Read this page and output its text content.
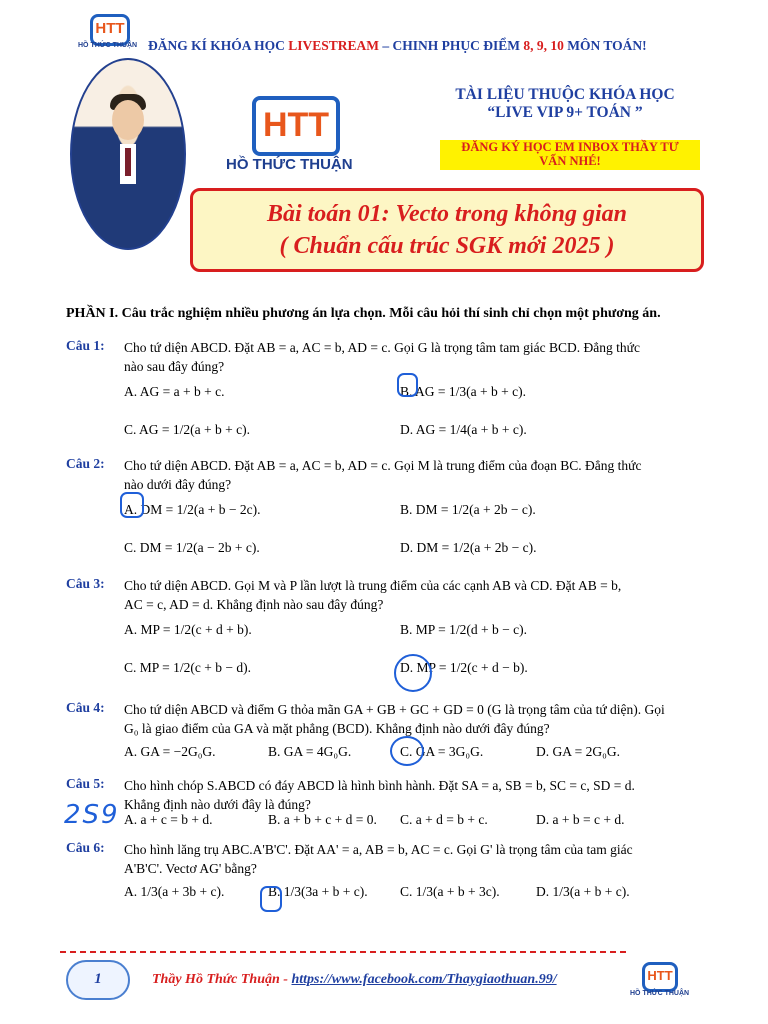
HTT
HỒ THỨC THUẬN ĐĂNG KÍ KHÓA HỌC LIVESTREAM – CHINH PHỤC ĐIỂM 8, 9, 10 MÔN TOÁN!
HTT
HỒ THỨC THUẬN
TÀI LIỆU THUỘC KHÓA HỌC
“LIVE VIP 9+ TOÁN ”
ĐĂNG KÝ HỌC EM INBOX THẦY TƯ
VẤN NHÉ!
Bài toán 01: Vecto trong không gian
( Chuẩn cấu trúc SGK mới 2025 )
PHẦN I. Câu trắc nghiệm nhiều phương án lựa chọn. Mỗi câu hỏi thí sinh chỉ chọn một phương án.
Câu 1: Cho tứ diện ABCD. Đặt AB = a, AC = b, AD = c. Gọi G là trọng tâm tam giác BCD. Đẳng thức
nào sau đây đúng?
A. AG = a + b + c.	B. AG = 1/3(a + b + c).
C. AG = 1/2(a + b + c).	D. AG = 1/4(a + b + c).
Câu 2: Cho tứ diện ABCD. Đặt AB = a, AC = b, AD = c. Gọi M là trung điểm của đoạn BC. Đẳng thức
nào dưới đây đúng?
A. DM = 1/2(a + b − 2c).	B. DM = 1/2(a + 2b − c).
C. DM = 1/2(a − 2b + c).	D. DM = 1/2(a + 2b − c).
Câu 3: Cho tứ diện ABCD. Gọi M và P lần lượt là trung điểm của các cạnh AB và CD. Đặt AB = b,
AC = c, AD = d. Khẳng định nào sau đây đúng?
A. MP = 1/2(c + d + b).	B. MP = 1/2(d + b − c).
C. MP = 1/2(c + b − d).	D. MP = 1/2(c + d − b).
Câu 4: Cho tứ diện ABCD và điểm G thỏa mãn GA + GB + GC + GD = 0 (G là trọng tâm của tứ diện). Gọi
G₀ là giao điểm của GA và mặt phẳng (BCD). Khẳng định nào dưới đây đúng?
A. GA = −2G₀G.	B. GA = 4G₀G.	C. GA = 3G₀G.	D. GA = 2G₀G.
Câu 5: Cho hình chóp S.ABCD có đáy ABCD là hình bình hành. Đặt SA = a, SB = b, SC = c, SD = d.
Khẳng định nào dưới đây là đúng?
A. a + c = b + d.	B. a + b + c + d = 0. C. a + d = b + c.	D. a + b = c + d.
Câu 6: Cho hình lăng trụ ABC.A'B'C'. Đặt AA' = a, AB = b, AC = c. Gọi G' là trọng tâm của tam giác
A'B'C'. Vectơ AG' bằng?
A. 1/3(a + 3b + c).	B. 1/3(3a + b + c). C. 1/3(a + b + 3c).	D. 1/3(a + b + c).
2S9
1	Thầy Hồ Thức Thuận - https://www.facebook.com/Thaygiaothuan.99/	HTT
HỒ THỨC THUẬN
